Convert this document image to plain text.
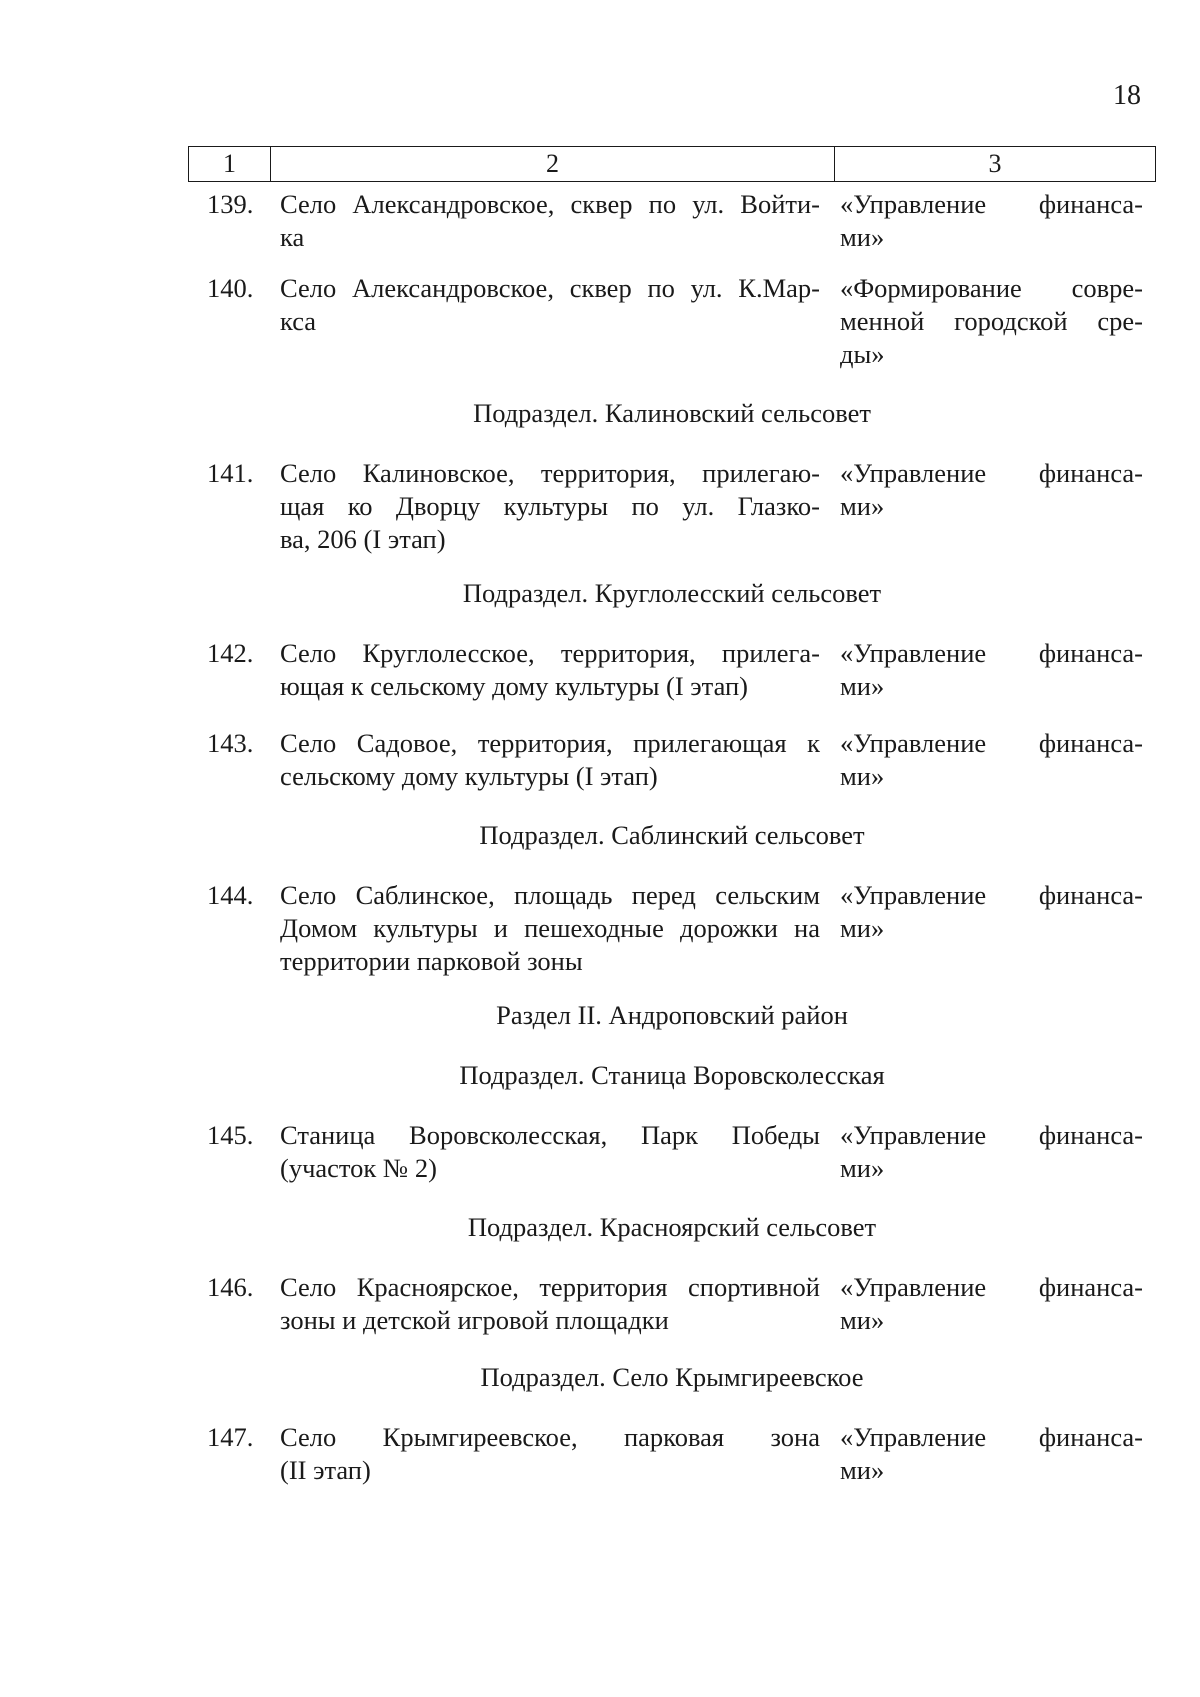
18
1	2	3
139. Село Александровское, сквер по ул. Войти-
ка
«Управление финанса-
ми»
140. Село Александровское, сквер по ул. К.Мар-
кса
«Формирование совре-
менной городской сре-
ды»
Подраздел. Калиновский сельсовет
141. Село Калиновское, территория, прилегаю-
щая ко Дворцу культуры по ул. Глазко-
ва, 206 (I этап)
«Управление финанса-
ми»
Подраздел. Круглолесский сельсовет
142. Село Круглолесское, территория, прилега-
ющая к сельскому дому культуры (I этап)
«Управление финанса-
ми»
143. Село Садовое, территория, прилегающая к
сельскому дому культуры (I этап)
«Управление финанса-
ми»
Подраздел. Саблинский сельсовет
144. Село Саблинское, площадь перед сельским
Домом культуры и пешеходные дорожки на
территории парковой зоны
«Управление финанса-
ми»
Раздел II. Андроповский район
Подраздел. Станица Воровсколесская
145. Станица Воровсколесская, Парк Победы
(участок № 2)
«Управление финанса-
ми»
Подраздел. Красноярский сельсовет
146. Село Красноярское, территория спортивной
зоны и детской игровой площадки
«Управление финанса-
ми»
Подраздел. Село Крымгиреевское
147. Село Крымгиреевское, парковая зона
(II этап)
«Управление финанса-
ми»
